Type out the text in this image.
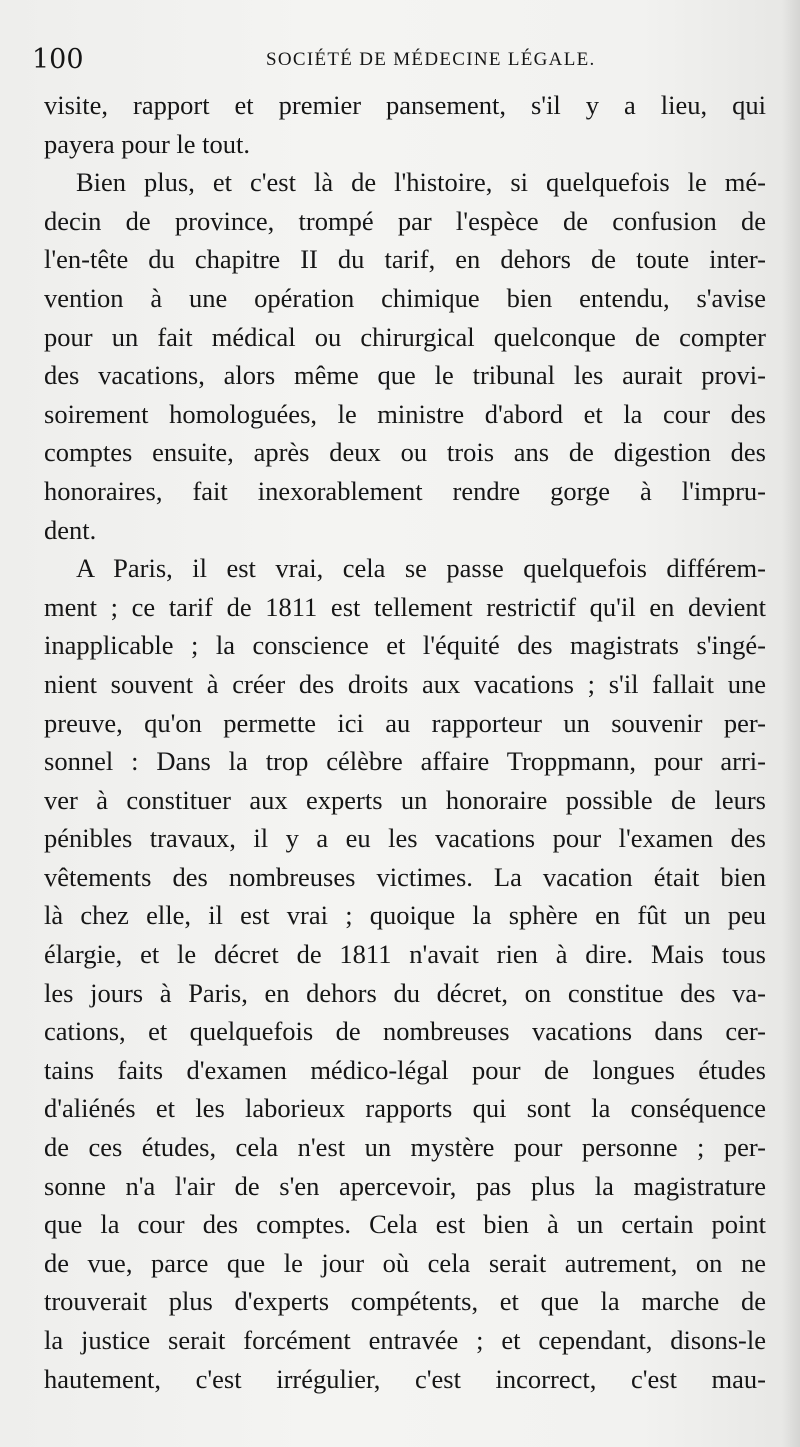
100	SOCIÉTÉ DE MÉDECINE LÉGALE.
visite, rapport et premier pansement, s'il y a lieu, qui
payera pour le tout.
Bien plus, et c'est là de l'histoire, si quelquefois le mé-
decin de province, trompé par l'espèce de confusion de
l'en-tête du chapitre II du tarif, en dehors de toute inter-
vention à une opération chimique bien entendu, s'avise
pour un fait médical ou chirurgical quelconque de compter
des vacations, alors même que le tribunal les aurait provi-
soirement homologuées, le ministre d'abord et la cour des
comptes ensuite, après deux ou trois ans de digestion des
honoraires, fait inexorablement rendre gorge à l'impru-
dent.
A Paris, il est vrai, cela se passe quelquefois différem-
ment ; ce tarif de 1811 est tellement restrictif qu'il en devient
inapplicable ; la conscience et l'équité des magistrats s'ingé-
nient souvent à créer des droits aux vacations ; s'il fallait une
preuve, qu'on permette ici au rapporteur un souvenir per-
sonnel : Dans la trop célèbre affaire Troppmann, pour arri-
ver à constituer aux experts un honoraire possible de leurs
pénibles travaux, il y a eu les vacations pour l'examen des
vêtements des nombreuses victimes. La vacation était bien
là chez elle, il est vrai ; quoique la sphère en fût un peu
élargie, et le décret de 1811 n'avait rien à dire. Mais tous
les jours à Paris, en dehors du décret, on constitue des va-
cations, et quelquefois de nombreuses vacations dans cer-
tains faits d'examen médico-légal pour de longues études
d'aliénés et les laborieux rapports qui sont la conséquence
de ces études, cela n'est un mystère pour personne ; per-
sonne n'a l'air de s'en apercevoir, pas plus la magistrature
que la cour des comptes. Cela est bien à un certain point
de vue, parce que le jour où cela serait autrement, on ne
trouverait plus d'experts compétents, et que la marche de
la justice serait forcément entravée ; et cependant, disons-le
hautement, c'est irrégulier, c'est incorrect, c'est mau-
